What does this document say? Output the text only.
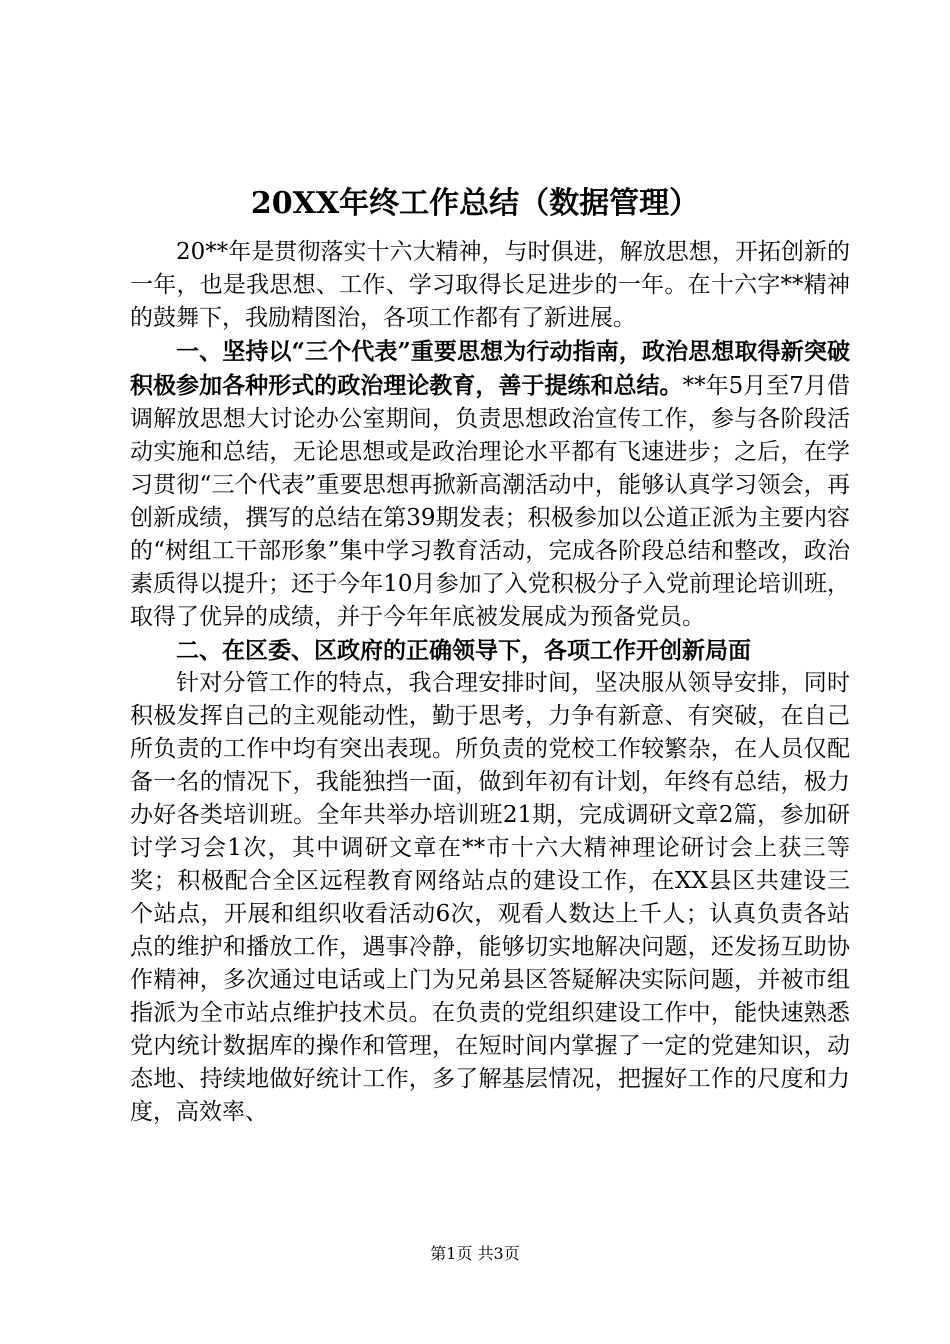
20XX年终工作总结（数据管理）

20**年是贯彻落实十六大精神，与时俱进，解放思想，开拓创新的一年，也是我思想、工作、学习取得长足进步的一年。在十六字**精神的鼓舞下，我励精图治，各项工作都有了新进展。

一、坚持以“三个代表”重要思想为行动指南，政治思想取得新突破积极参加各种形式的政治理论教育，善于提练和总结。**年5月至7月借调解放思想大讨论办公室期间，负责思想政治宣传工作，参与各阶段活动实施和总结，无论思想或是政治理论水平都有飞速进步；之后，在学习贯彻“三个代表”重要思想再掀新高潮活动中，能够认真学习领会，再创新成绩，撰写的总结在第39期发表；积极参加以公道正派为主要内容的“树组工干部形象”集中学习教育活动，完成各阶段总结和整改，政治素质得以提升；还于今年10月参加了入党积极分子入党前理论培训班，取得了优异的成绩，并于今年年底被发展成为预备党员。

二、在区委、区政府的正确领导下，各项工作开创新局面

针对分管工作的特点，我合理安排时间，坚决服从领导安排，同时积极发挥自己的主观能动性，勤于思考，力争有新意、有突破，在自己所负责的工作中均有突出表现。所负责的党校工作较繁杂，在人员仅配备一名的情况下，我能独挡一面，做到年初有计划，年终有总结，极力办好各类培训班。全年共举办培训班21期，完成调研文章2篇，参加研讨学习会1次，其中调研文章在**市十六大精神理论研讨会上获三等奖；积极配合全区远程教育网络站点的建设工作，在XX县区共建设三个站点，开展和组织收看活动6次，观看人数达上千人；认真负责各站点的维护和播放工作，遇事冷静，能够切实地解决问题，还发扬互助协作精神，多次通过电话或上门为兄弟县区答疑解决实际问题，并被市组指派为全市站点维护技术员。在负责的党组织建设工作中，能快速熟悉党内统计数据库的操作和管理，在短时间内掌握了一定的党建知识，动态地、持续地做好统计工作，多了解基层情况，把握好工作的尺度和力度，高效率、

第1页 共3页
